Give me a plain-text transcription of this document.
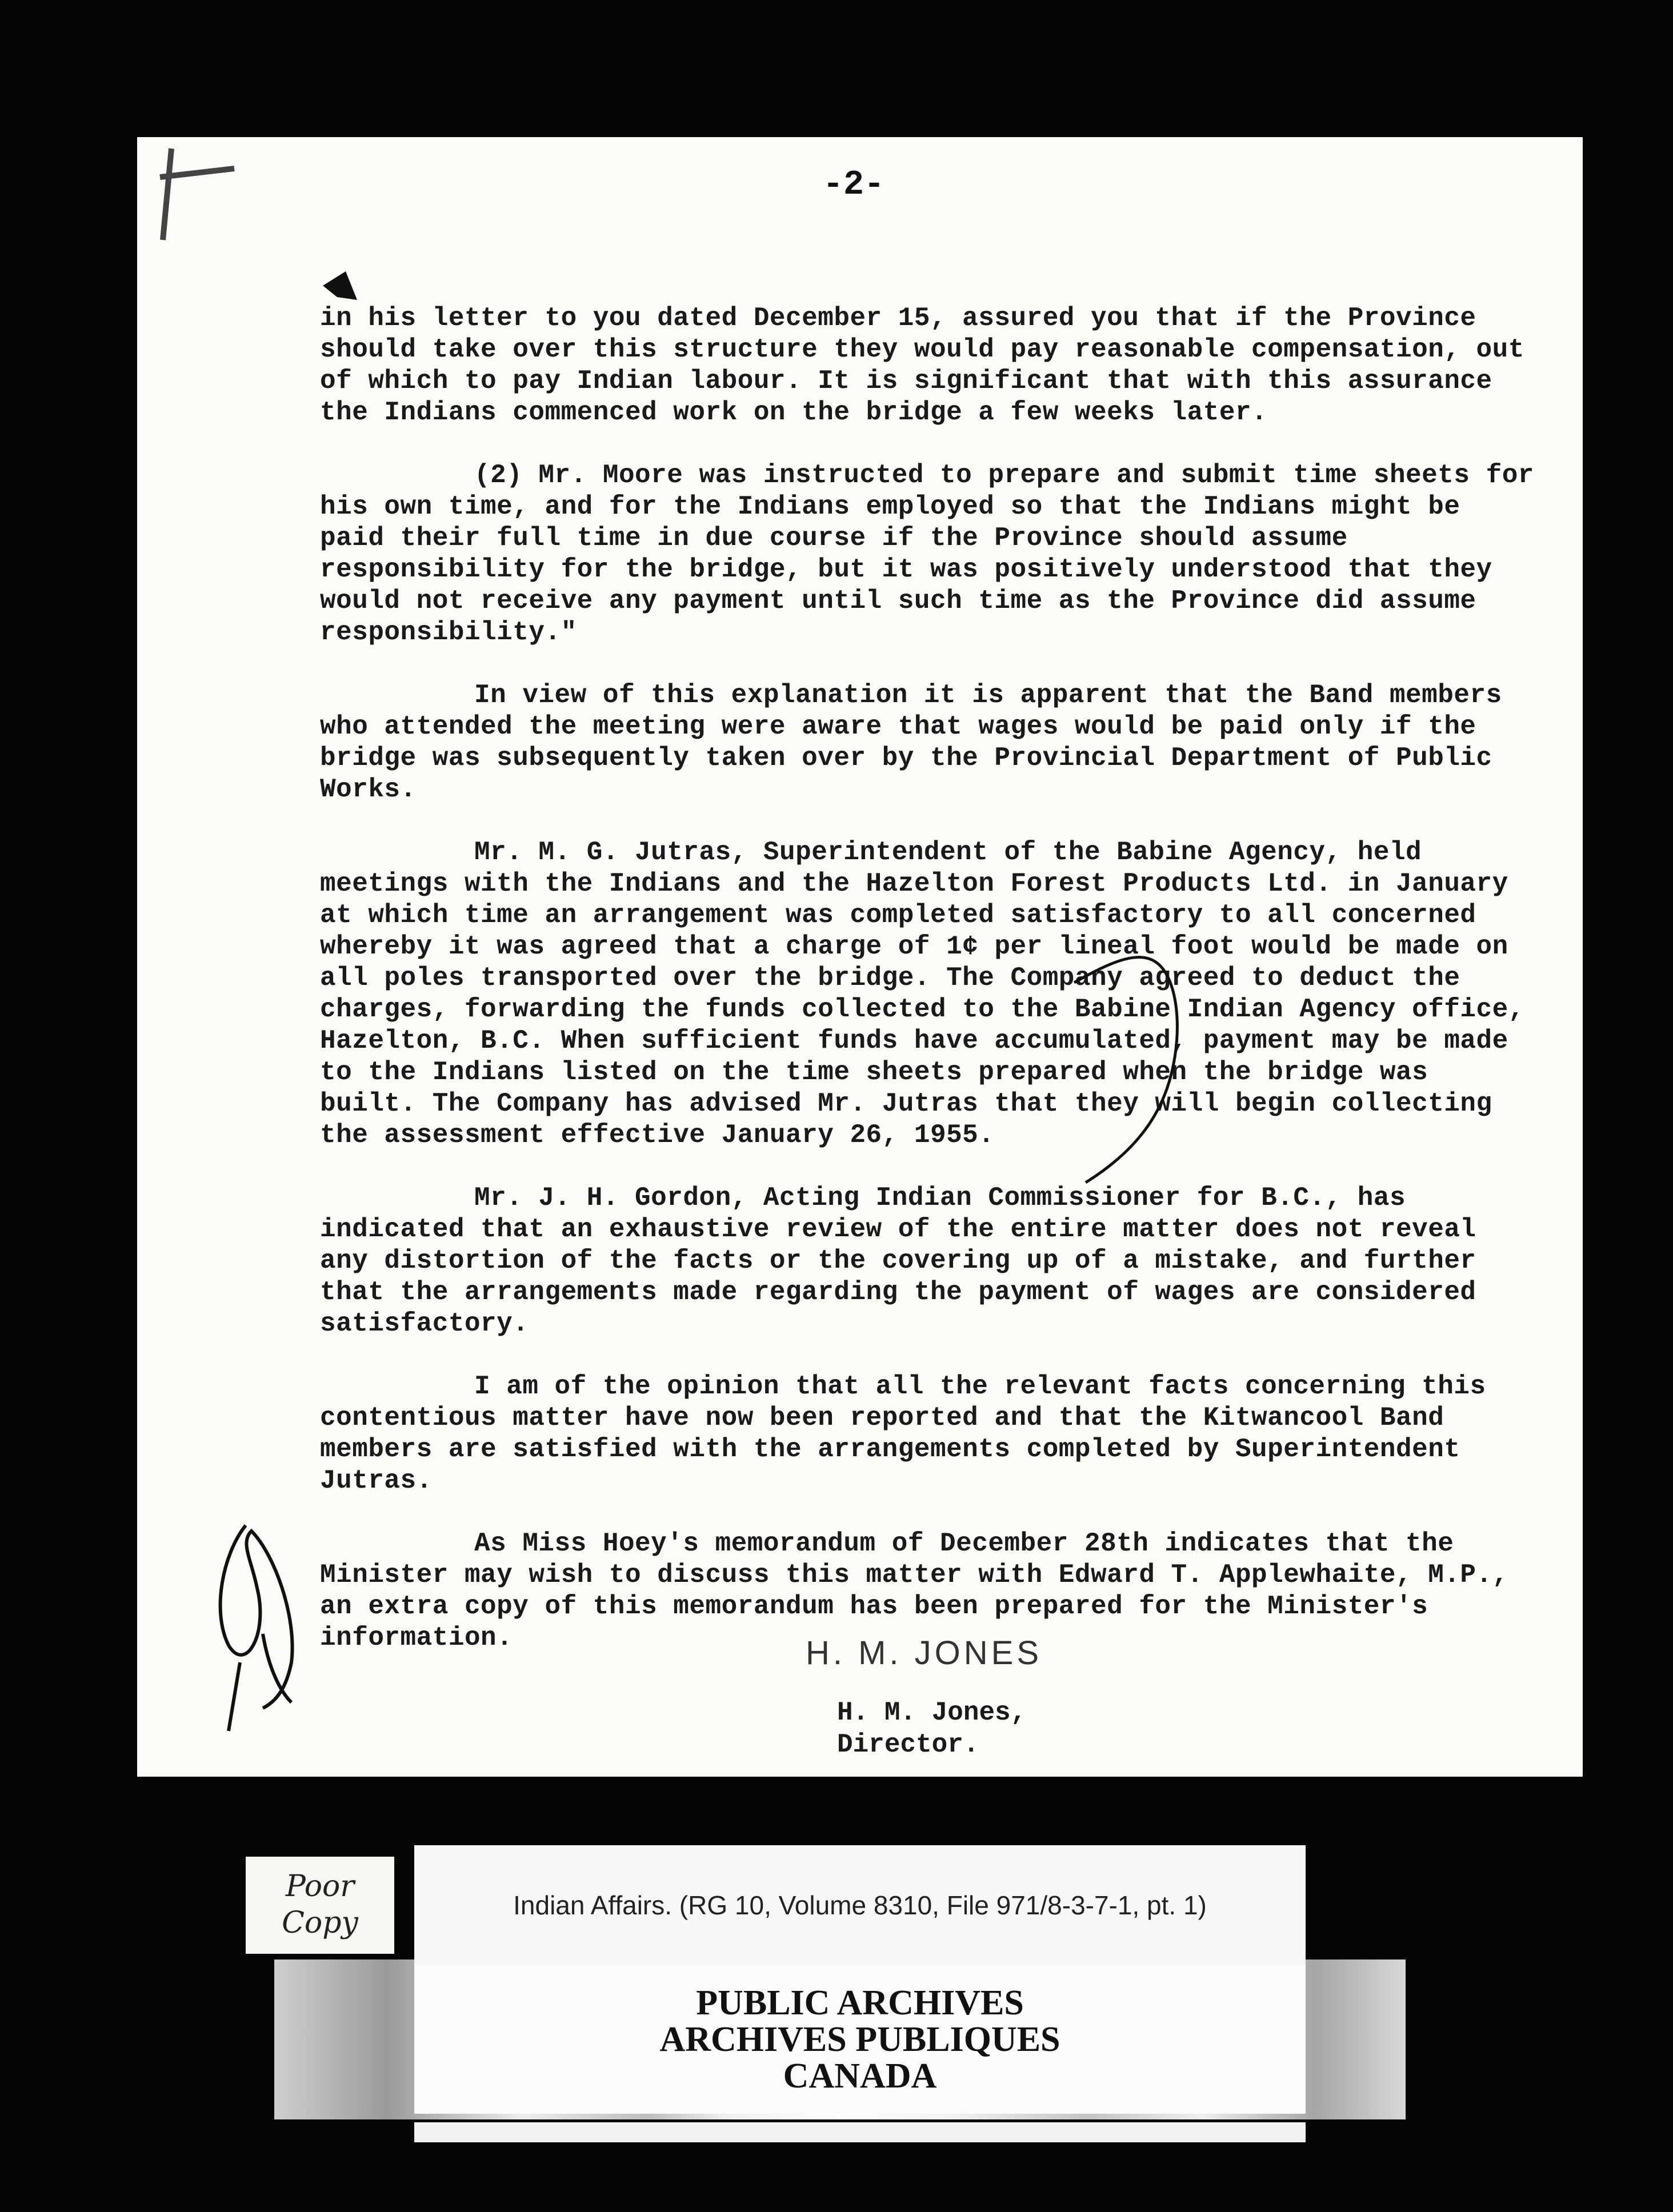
-2-

in his letter to you dated December 15, assured you that if the Province should take over this structure they would pay reasonable compensation, out of which to pay Indian labour. It is significant that with this assurance the Indians commenced work on the bridge a few weeks later.

(2) Mr. Moore was instructed to prepare and submit time sheets for his own time, and for the Indians employed so that the Indians might be paid their full time in due course if the Province should assume responsibility for the bridge, but it was positively understood that they would not receive any payment until such time as the Province did assume responsibility."

In view of this explanation it is apparent that the Band members who attended the meeting were aware that wages would be paid only if the bridge was subsequently taken over by the Provincial Department of Public Works.

Mr. M. G. Jutras, Superintendent of the Babine Agency, held meetings with the Indians and the Hazelton Forest Products Ltd. in January at which time an arrangement was completed satisfactory to all concerned whereby it was agreed that a charge of 1¢ per lineal foot would be made on all poles transported over the bridge. The Company agreed to deduct the charges, forwarding the funds collected to the Babine Indian Agency office, Hazelton, B.C. When sufficient funds have accumulated, payment may be made to the Indians listed on the time sheets prepared when the bridge was built. The Company has advised Mr. Jutras that they will begin collecting the assessment effective January 26, 1955.

Mr. J. H. Gordon, Acting Indian Commissioner for B.C., has indicated that an exhaustive review of the entire matter does not reveal any distortion of the facts or the covering up of a mistake, and further that the arrangements made regarding the payment of wages are considered satisfactory.

I am of the opinion that all the relevant facts concerning this contentious matter have now been reported and that the Kitwancool Band members are satisfied with the arrangements completed by Superintendent Jutras.

As Miss Hoey's memorandum of December 28th indicates that the Minister may wish to discuss this matter with Edward T. Applewhaite, M.P., an extra copy of this memorandum has been prepared for the Minister's information.	H. M. JONES
H. M. Jones,
Director.
Poor Copy
Indian Affairs. (RG 10, Volume 8310, File 971/8-3-7-1, pt. 1)
PUBLIC ARCHIVES
ARCHIVES PUBLIQUES
CANADA
